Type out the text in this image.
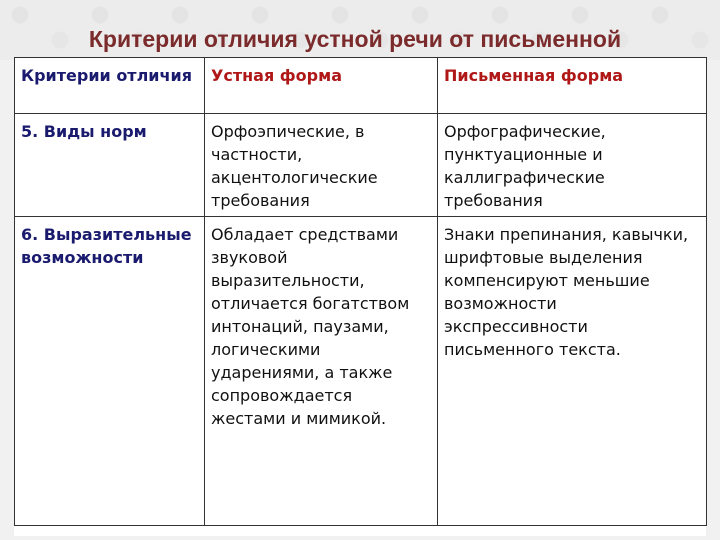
Критерии отличия устной речи от письменной
Критерии отличия	Устная форма	Письменная форма
5. Виды норм	Орфоэпические, в частности, акцентологические требования	Орфографические, пунктуационные и каллиграфические требования
6. Выразительные возможности	Обладает средствами звуковой выразительности, отличается богатством интонаций, паузами, логическими ударениями, а также сопровождается жестами и мимикой.	Знаки препинания, кавычки, шрифтовые выделения компенсируют меньшие возможности экспрессивности письменного текста.
